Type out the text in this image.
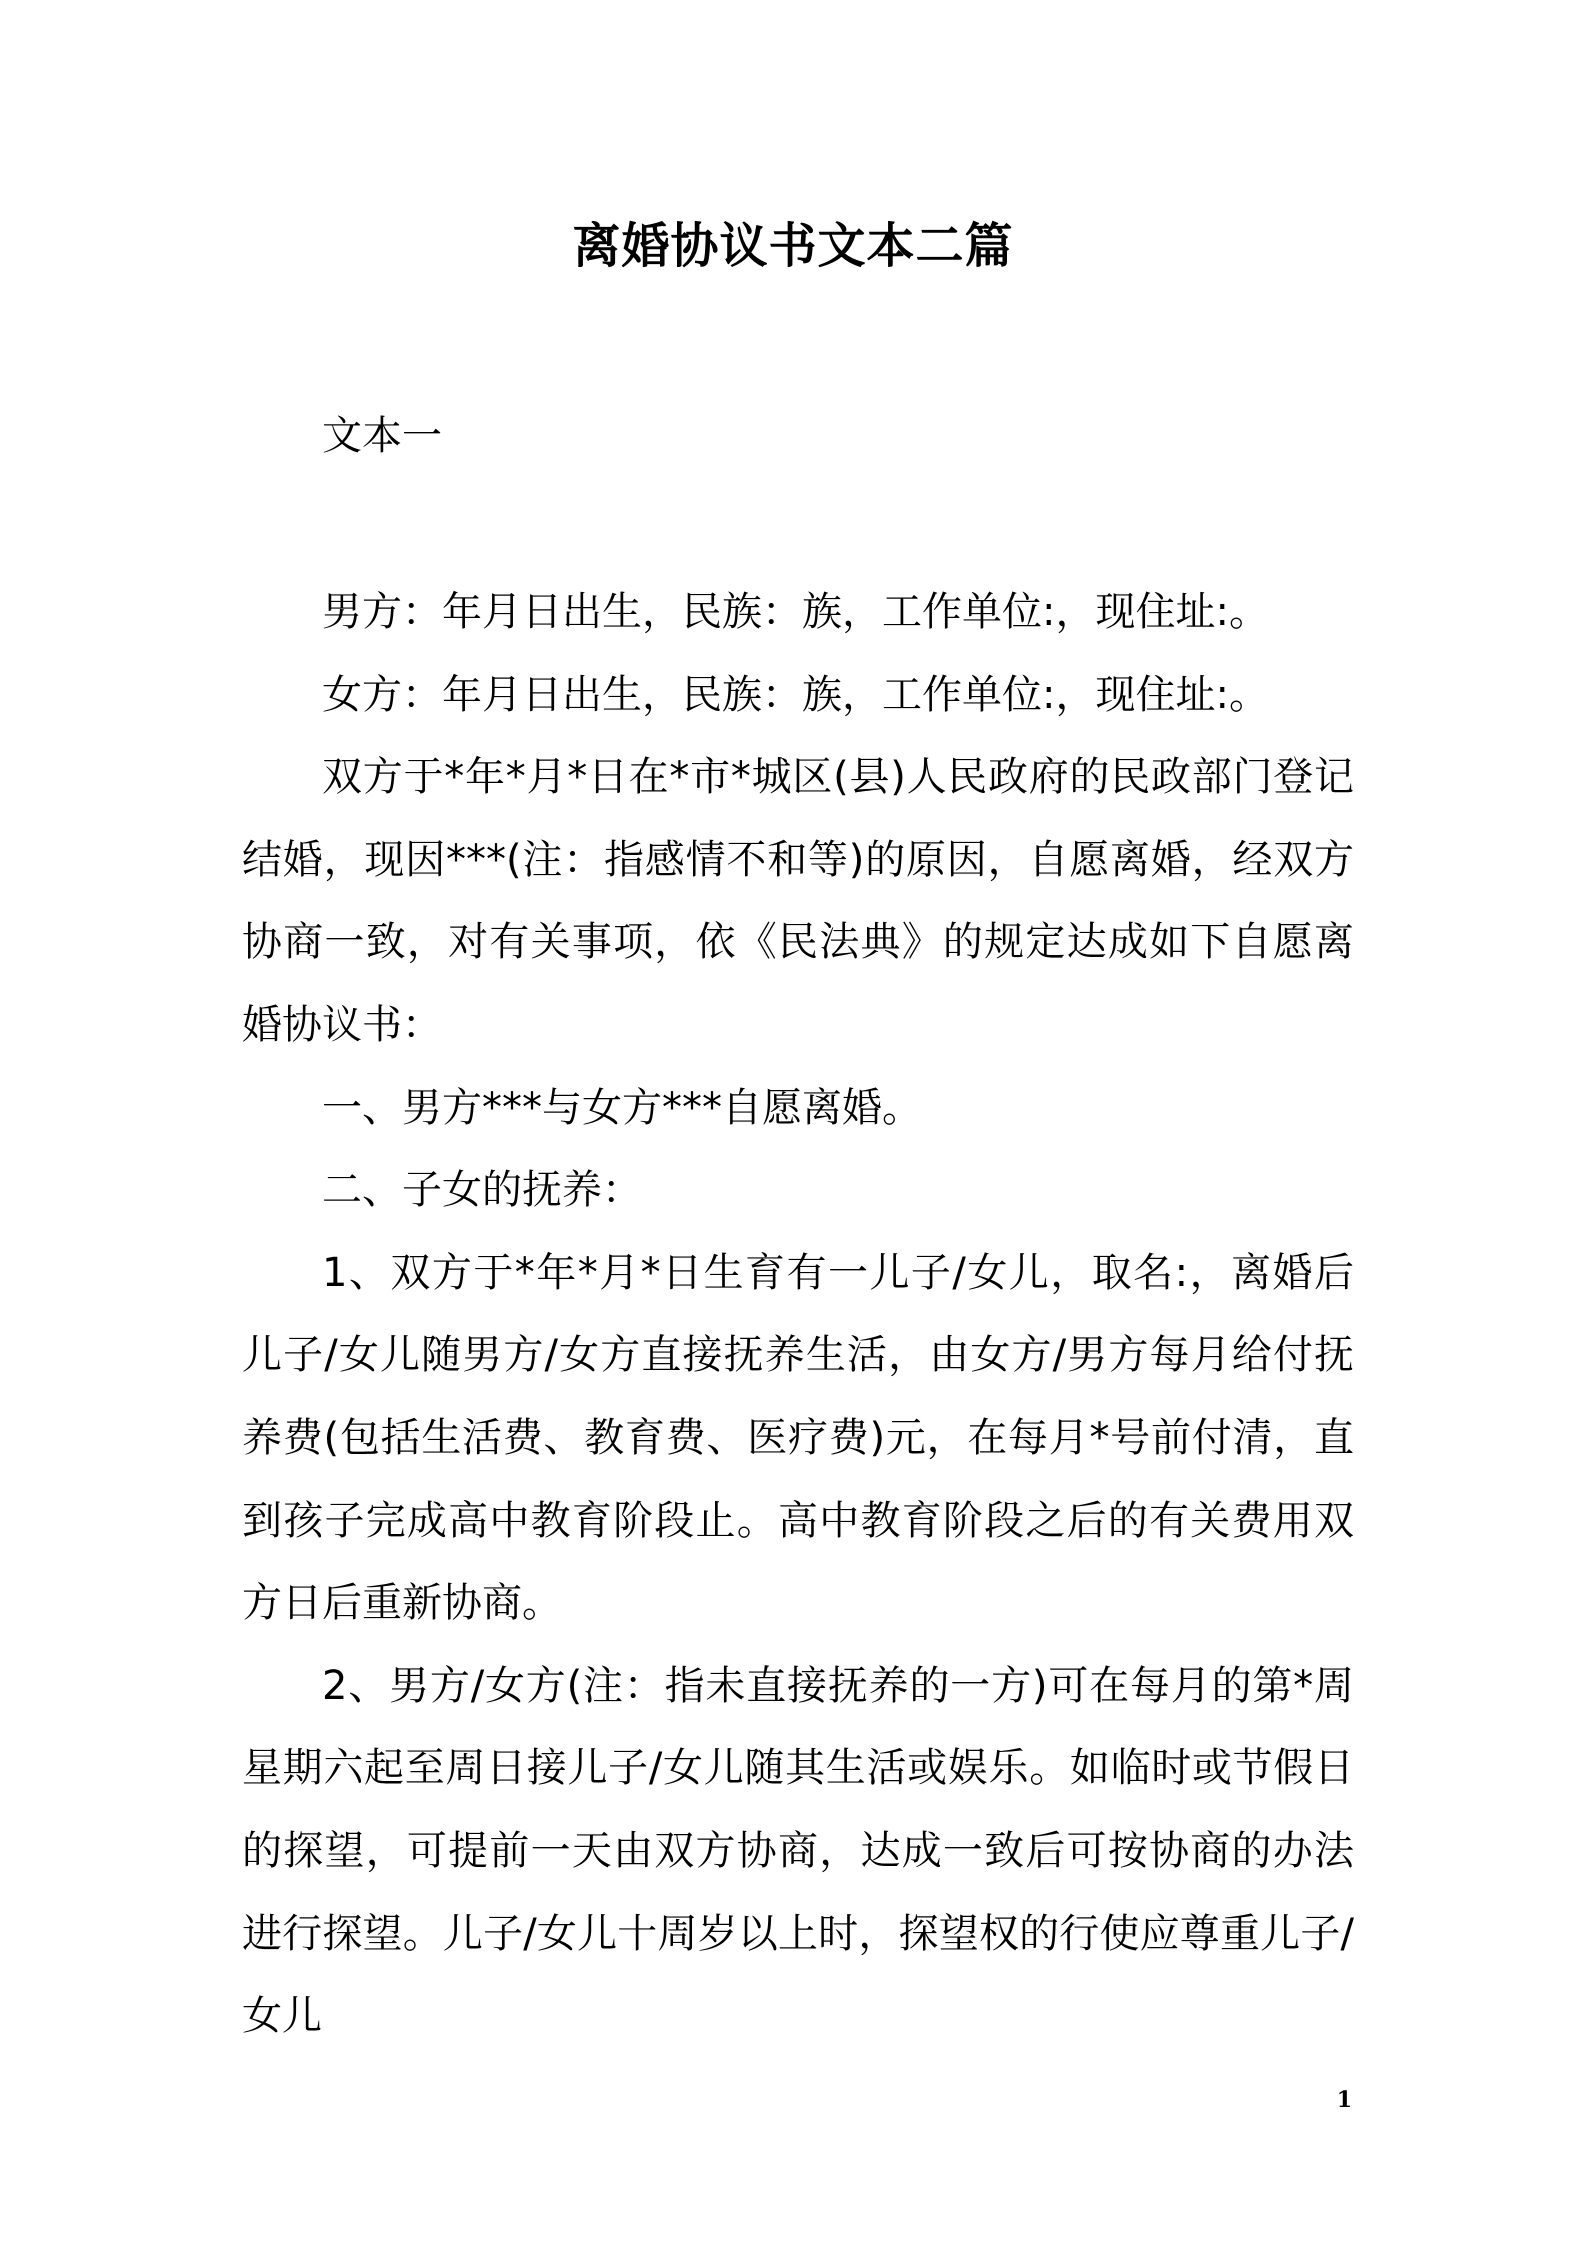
离婚协议书文本二篇
文本一

男方：年月日出生，民族：族，工作单位:，现住址:。

女方：年月日出生，民族：族，工作单位:，现住址:。

双方于*年*月*日在*市*城区(县)人民政府的民政部门登记结婚，现因***(注：指感情不和等)的原因，自愿离婚，经双方协商一致，对有关事项，依《民法典》的规定达成如下自愿离婚协议书：

一、男方***与女方***自愿离婚。

二、子女的抚养：

1、双方于*年*月*日生育有一儿子/女儿，取名:，离婚后儿子/女儿随男方/女方直接抚养生活，由女方/男方每月给付抚养费(包括生活费、教育费、医疗费)元，在每月*号前付清，直到孩子完成高中教育阶段止。高中教育阶段之后的有关费用双方日后重新协商。

2、男方/女方(注：指未直接抚养的一方)可在每月的第*周星期六起至周日接儿子/女儿随其生活或娱乐。如临时或节假日的探望，可提前一天由双方协商，达成一致后可按协商的办法进行探望。儿子/女儿十周岁以上时，探望权的行使应尊重儿子/女儿

1
